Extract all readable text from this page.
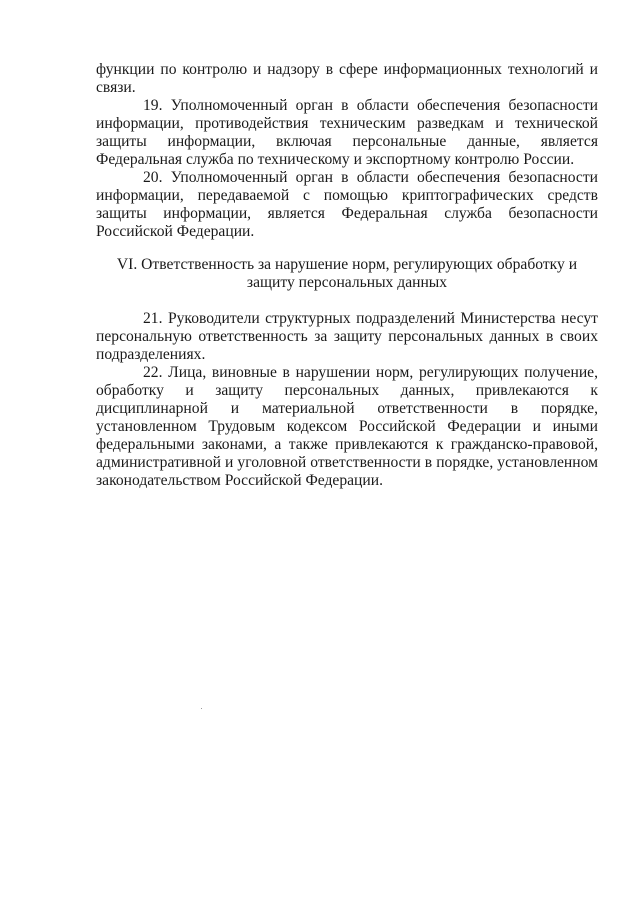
функции по контролю и надзору в сфере информационных технологий и связи.

19. Уполномоченный орган в области обеспечения безопасности информации, противодействия техническим разведкам и технической защиты информации, включая персональные данные, является Федеральная служба по техническому и экспортному контролю России.

20. Уполномоченный орган в области обеспечения безопасности информации, передаваемой с помощью криптографических средств защиты информации, является Федеральная служба безопасности Российской Федерации.

VI. Ответственность за нарушение норм, регулирующих обработку и
защиту персональных данных

21. Руководители структурных подразделений Министерства несут персональную ответственность за защиту персональных данных в своих подразделениях.

22. Лица, виновные в нарушении норм, регулирующих получение, обработку и защиту персональных данных, привлекаются к дисциплинарной и материальной ответственности в порядке, установленном Трудовым кодексом Российской Федерации и иными федеральными законами, а также привлекаются к гражданско-правовой, административной и уголовной ответственности в порядке, установленном законодательством Российской Федерации.
